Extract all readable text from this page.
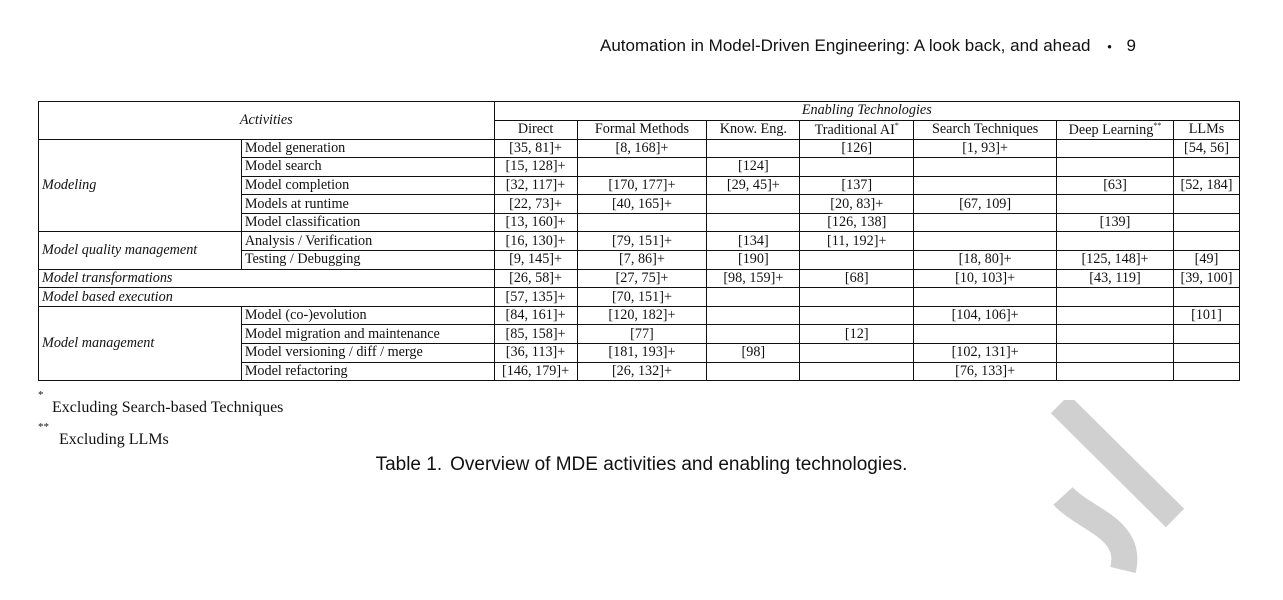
Automation in Model-Driven Engineering: A look back, and ahead • 9
Activities		Enabling Technologies						
		Direct	Formal Methods	Know. Eng.	Traditional AI*	Search Techniques	Deep Learning**	LLMs
Modeling	Model generation	[35, 81]+	[8, 168]+		[126]	[1, 93]+		[54, 56]
	Model search	[15, 128]+		[124]				
	Model completion	[32, 117]+	[170, 177]+	[29, 45]+	[137]		[63]	[52, 184]
	Models at runtime	[22, 73]+	[40, 165]+		[20, 83]+	[67, 109]		
	Model classification	[13, 160]+			[126, 138]		[139]	
Model quality management	Analysis / Verification	[16, 130]+	[79, 151]+	[134]	[11, 192]+			
	Testing / Debugging	[9, 145]+	[7, 86]+	[190]		[18, 80]+	[125, 148]+	[49]
Model transformations		[26, 58]+	[27, 75]+	[98, 159]+	[68]	[10, 103]+	[43, 119]	[39, 100]
Model based execution		[57, 135]+	[70, 151]+					
Model management	Model (co-)evolution	[84, 161]+	[120, 182]+			[104, 106]+		[101]
	Model migration and maintenance	[85, 158]+	[77]		[12]			
	Model versioning / diff / merge	[36, 113]+	[181, 193]+	[98]		[102, 131]+		
	Model refactoring	[146, 179]+	[26, 132]+			[76, 133]+		
*
Excluding Search-based Techniques
**
Excluding LLMs
Table 1. Overview of MDE activities and enabling technologies.
